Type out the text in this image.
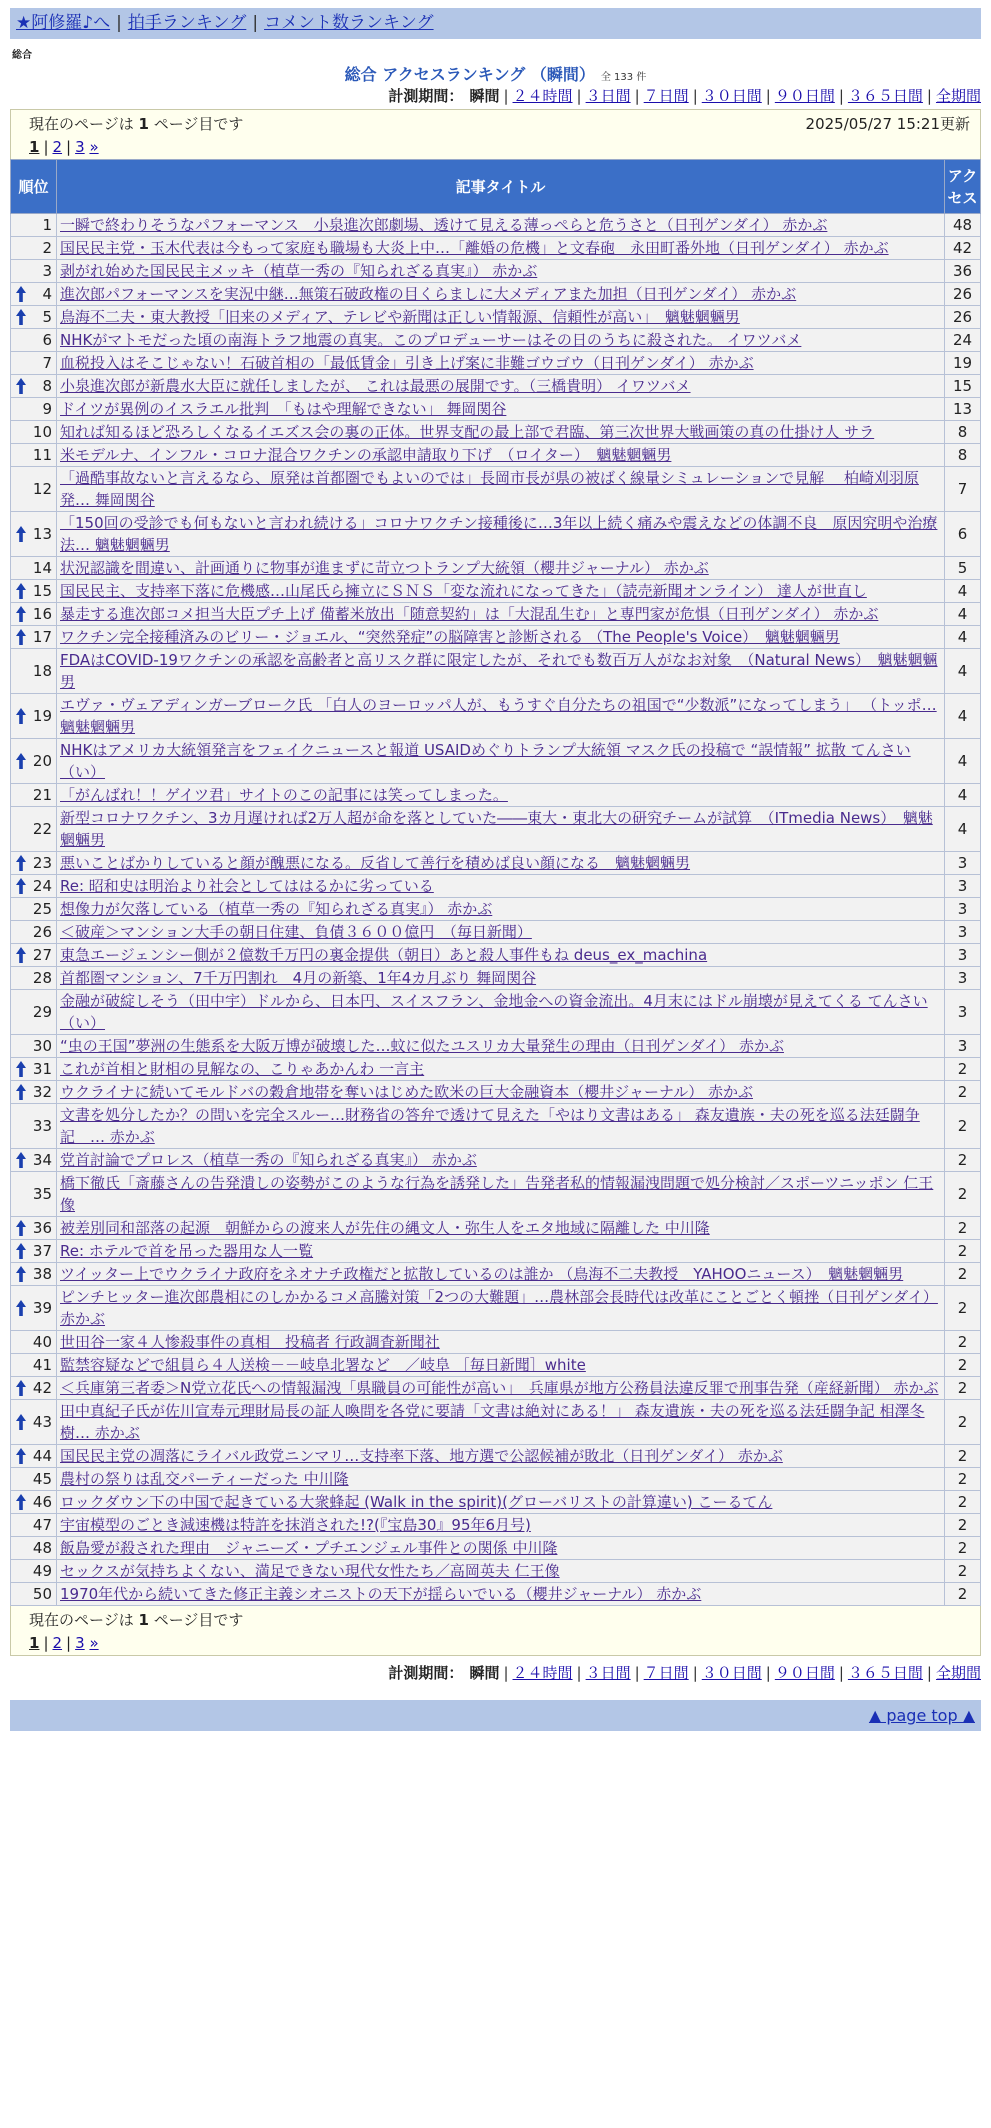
★阿修羅♪へ | 拍手ランキング | コメント数ランキング
総合
総合 アクセスランキング （瞬間） 全 133 件
計測期間： 瞬間 | ２４時間 | ３日間 | ７日間 | ３０日間 | ９０日間 | ３６５日間 | 全期間
現在のページは 1 ページ目です	2025/05/27 15:21更新
1 | 2 | 3 »
順位	記事タイトル	アクセス
1	一瞬で終わりそうなパフォーマンス　小泉進次郎劇場、透けて見える薄っぺらと危うさと（日刊ゲンダイ） 赤かぶ	48
2	国民民主党・玉木代表は今もって家庭も職場も大炎上中…「離婚の危機」と文春砲　永田町番外地（日刊ゲンダイ） 赤かぶ	42
3	剥がれ始めた国民民主メッキ（植草一秀の『知られざる真実』） 赤かぶ	36

4	進次郎パフォーマンスを実況中継…無策石破政権の目くらましに大メディアまた加担（日刊ゲンダイ） 赤かぶ	26

5	鳥海不二夫・東大教授「旧来のメディア、テレビや新聞は正しい情報源、信頼性が高い」　魑魅魍魎男	26
6	NHKがマトモだった頃の南海トラフ地震の真実。このプロデューサーはその日のうちに殺された。 イワツバメ	24
7	血税投入はそこじゃない！石破首相の「最低賃金」引き上げ案に非難ゴウゴウ（日刊ゲンダイ） 赤かぶ	19

8	小泉進次郎が新農水大臣に就任しましたが、 これは最悪の展開です。（三橋貴明） イワツバメ	15
9	ドイツが異例のイスラエル批判　「もはや理解できない」 舞岡関谷	13
10	知れば知るほど恐ろしくなるイエズス会の裏の正体。世界支配の最上部で君臨、第三次世界大戦画策の真の仕掛け人 サラ	8
11	米モデルナ、インフル・コロナ混合ワクチンの承認申請取り下げ　（ロイター）　魑魅魍魎男	8
12	「過酷事故ないと言えるなら、原発は首都圏でもよいのでは」長岡市長が県の被ばく線量シミュレーションで見解　 柏崎刈羽原発… 舞岡関谷	7

13	「150回の受診でも何もないと言われ続ける」コロナワクチン接種後に…3年以上続く痛みや震えなどの体調不良　原因究明や治療法… 魑魅魍魎男	6
14	状況認識を間違い、計画通りに物事が進まずに苛立つトランプ大統領（櫻井ジャーナル） 赤かぶ	5

15	国民民主、支持率下落に危機感…山尾氏ら擁立にＳＮＳ「変な流れになってきた」（読売新聞オンライン） 達人が世直し	4

16	暴走する進次郎コメ担当大臣プチ上げ 備蓄米放出「随意契約」は「大混乱生む」と専門家が危惧（日刊ゲンダイ） 赤かぶ	4

17	ワクチン完全接種済みのビリー・ジョエル、“突然発症”の脳障害と診断される （The People's Voice）　魑魅魍魎男	4
18	FDAはCOVID-19ワクチンの承認を高齢者と高リスク群に限定したが、それでも数百万人がなお対象　（Natural News）　魑魅魍魎男	4

19	エヴァ・ヴェアディンガーブローク氏 「白人のヨーロッパ人が、もうすぐ自分たちの祖国で“少数派”になってしまう」 （トッポ… 魑魅魍魎男	4

20	NHKはアメリカ大統領発言をフェイクニュースと報道 USAIDめぐりトランプ大統領 マスク氏の投稿で “誤情報” 拡散 てんさい（い）	4
21	「がんばれ！！ゲイツ君」サイトのこの記事には笑ってしまった。	4
22	新型コロナワクチン、3カ月遅ければ2万人超が命を落としていた――東大・東北大の研究チームが試算　（ITmedia News）　魑魅魍魎男	4

23	悪いことばかりしていると顔が醜悪になる。反省して善行を積めば良い顔になる　魑魅魍魎男	3

24	Re: 昭和史は明治より社会としてははるかに劣っている	3
25	想像力が欠落している（植草一秀の『知られざる真実』） 赤かぶ	3
26	＜破産＞マンション大手の朝日住建、負債３６００億円　（毎日新聞）	3

27	東急エージェンシー側が２億数千万円の裏金提供（朝日）あと殺人事件もね deus_ex_machina	3
28	首都圏マンション、7千万円割れ　4月の新築、1年4カ月ぶり 舞岡関谷	3
29	金融が破綻しそう（田中宇）ドルから、日本円、スイスフラン、金地金への資金流出。4月末にはドル崩壊が見えてくる てんさい（い）	3
30	“虫の王国”夢洲の生態系を大阪万博が破壊した…蚊に似たユスリカ大量発生の理由（日刊ゲンダイ） 赤かぶ	3

31	これが首相と財相の見解なの、こりゃあかんわ 一言主	2

32	ウクライナに続いてモルドバの穀倉地帯を奪いはじめた欧米の巨大金融資本（櫻井ジャーナル） 赤かぶ	2
33	文書を処分したか？の問いを完全スルー…財務省の答弁で透けて見えた「やはり文書はある」 森友遺族・夫の死を巡る法廷闘争記　… 赤かぶ	2

34	党首討論でプロレス（植草一秀の『知られざる真実』） 赤かぶ	2
35	橋下徹氏「斎藤さんの告発潰しの姿勢がこのような行為を誘発した」告発者私的情報漏洩問題で処分検討／スポーツニッポン 仁王像	2

36	被差別同和部落の起源　朝鮮からの渡来人が先住の縄文人・弥生人をエタ地域に隔離した 中川隆	2

37	Re: ホテルで首を吊った器用な人一覧	2

38	ツイッター上でウクライナ政府をネオナチ政権だと拡散しているのは誰か （鳥海不二夫教授　YAHOOニュース）　魑魅魍魎男	2

39	ピンチヒッター進次郎農相にのしかかるコメ高騰対策「2つの大難題」…農林部会長時代は改革にことごとく頓挫（日刊ゲンダイ） 赤かぶ	2
40	世田谷一家４人惨殺事件の真相　投稿者 行政調査新聞社	2
41	監禁容疑などで組員ら４人送検－－岐阜北署など　／岐阜 ［毎日新聞］white	2

42	＜兵庫第三者委＞N党立花氏への情報漏洩「県職員の可能性が高い」　兵庫県が地方公務員法違反罪で刑事告発（産経新聞） 赤かぶ	2

43	田中真紀子氏が佐川宣寿元理財局長の証人喚問を各党に要請「文書は絶対にある！」 森友遺族・夫の死を巡る法廷闘争記 相澤冬樹… 赤かぶ	2

44	国民民主党の凋落にライバル政党ニンマリ…支持率下落、地方選で公認候補が敗北（日刊ゲンダイ） 赤かぶ	2
45	農村の祭りは乱交パーティーだった 中川隆	2

46	ロックダウン下の中国で起きている大衆蜂起 (Walk in the spirit)(グローバリストの計算違い) こーるてん	2
47	宇宙模型のごとき減速機は特許を抹消された!?(『宝島30』95年6月号)	2
48	飯島愛が殺された理由　ジャニーズ・プチエンジェル事件との関係 中川隆	2
49	セックスが気持ちよくない、満足できない現代女性たち／高岡英夫 仁王像	2
50	1970年代から続いてきた修正主義シオニストの天下が揺らいでいる（櫻井ジャーナル） 赤かぶ	2
現在のページは 1 ページ目です
1 | 2 | 3 »
計測期間： 瞬間 | ２４時間 | ３日間 | ７日間 | ３０日間 | ９０日間 | ３６５日間 | 全期間
▲ page top ▲
